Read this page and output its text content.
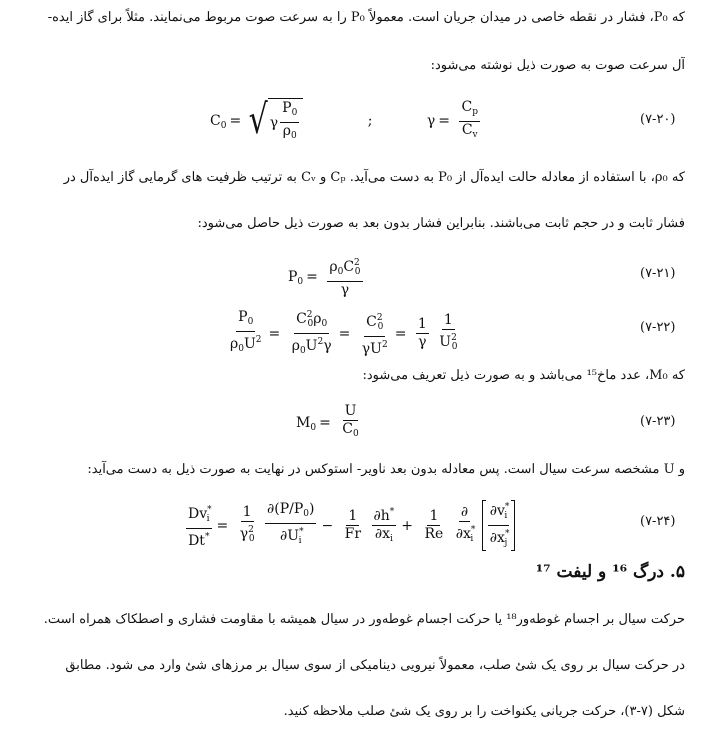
که P₀، فشار در نقطه خاصی در میدان جریان است. معمولاً P₀ را به سرعت صوت مربوط می‌نمایند. مثلاً برای گاز ایده-
آل سرعت صوت به صورت ذیل نوشته می‌شود:
$C_0$ = √ γ $\frac{P_0}{\rho_0}$	;	$\gamma = \frac{C_p}{C_v}$	(۷-۲۰)
که ρ₀، با استفاده از معادله حالت ایده‌آل از P₀ به دست می‌آید. Cₚ و Cᵥ به ترتیب ظرفیت های گرمایی گاز ایده‌آل در
فشار ثابت و در حجم ثابت می‌باشند. بنابراین فشار بدون بعد به صورت ذیل حاصل می‌شود:
$P_0 = \frac{\rho_0C^2_0}{\gamma}$	(۷-۲۱)
$\frac{P_0}{\rho_0U^2} = \frac{C^2_0\rho_0}{\rho_0U^2\gamma} = \frac{C^2_0}{\gamma U^2} = \frac{1}{\gamma}$
$\frac{1}{U^2_0}$	(۷-۲۲)
که M₀، عدد ماخ¹⁵ می‌باشد و به صورت ذیل تعریف می‌شود:
$M_0 = \frac{U}{C_0}$	(۷-۲۳)
و U مشخصه سرعت سیال است. پس معادله بدون بعد ناویر- استوکس در نهایت به صورت ذیل به دست می‌آید:
$\frac{Dv^*_i}{Dt^*} = \frac{1}{\gamma^2_0}$
$\frac{\partial(P/P_0)}{\partial U^*_i} - \frac{1}{Fr}$
$\frac{\partial h^*}{\partial x_i} + \frac{1}{Re}$
$\frac{\partial}{\partial x^*_i}$
$\frac{\partial v^*_i}{\partial x^*_j}$	(۷-۲۴)
۵. درگ ¹⁶ و لیفت ¹⁷
حرکت سیال بر اجسام غوطه‌ور¹⁸ یا حرکت اجسام غوطه‌ور در سیال همیشه با مقاومت فشاری و اصطکاک همراه است.
در حرکت سیال بر روی یک شئ صلب، معمولاً نیرویی دینامیکی از سوی سیال بر مرزهای شئ وارد می شود. مطابق
شکل (۷-۳)، حرکت جریانی یکنواخت را بر روی یک شئ صلب ملاحظه کنید.
